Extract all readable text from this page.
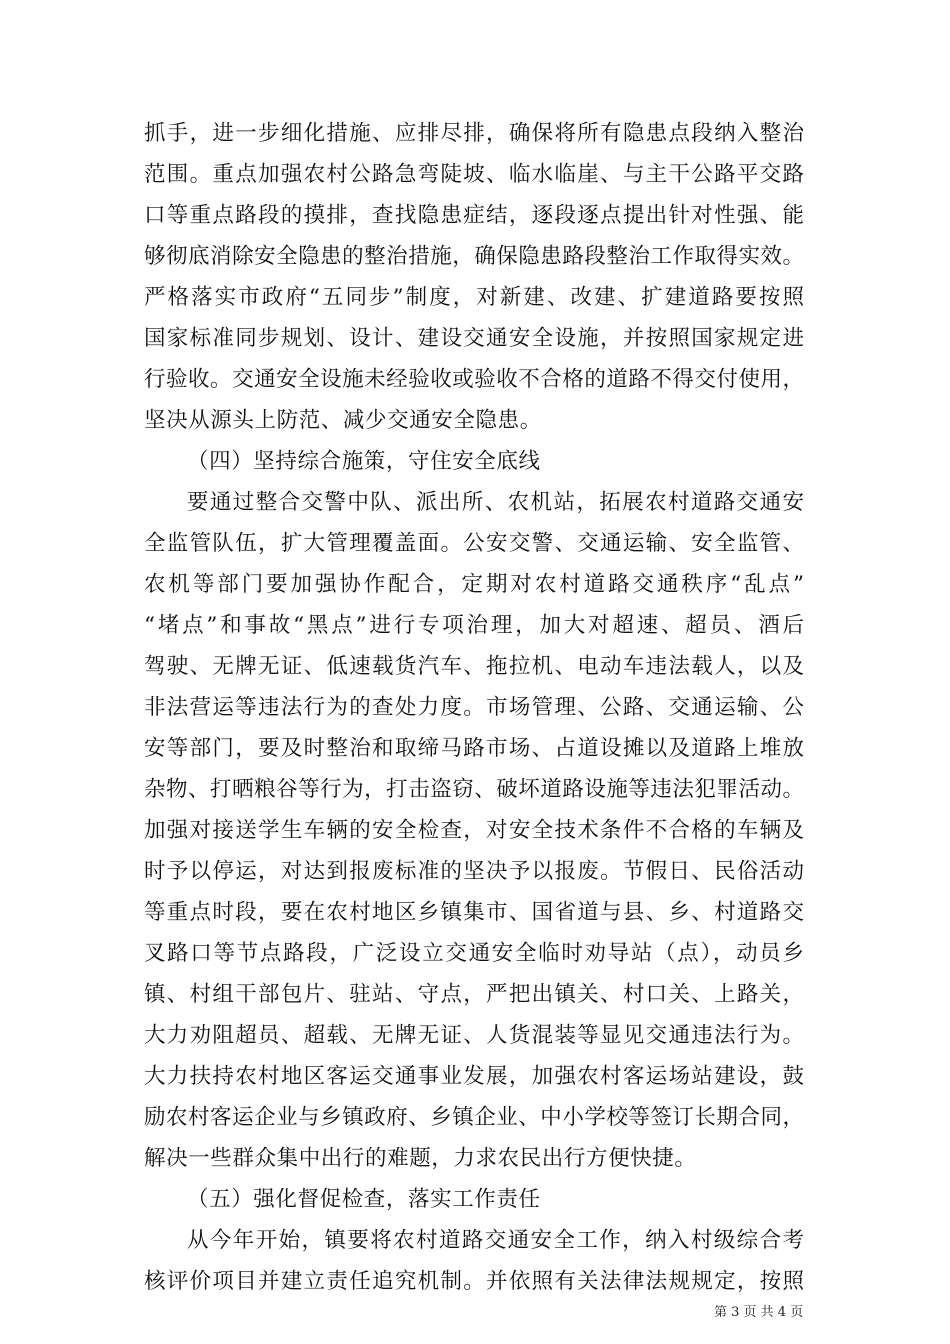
抓手，进一步细化措施、应排尽排，确保将所有隐患点段纳入整治
范围。重点加强农村公路急弯陡坡、临水临崖、与主干公路平交路
口等重点路段的摸排，查找隐患症结，逐段逐点提出针对性强、能
够彻底消除安全隐患的整治措施，确保隐患路段整治工作取得实效。
严格落实市政府“五同步”制度，对新建、改建、扩建道路要按照
国家标准同步规划、设计、建设交通安全设施，并按照国家规定进
行验收。交通安全设施未经验收或验收不合格的道路不得交付使用，
坚决从源头上防范、减少交通安全隐患。
（四）坚持综合施策，守住安全底线
要通过整合交警中队、派出所、农机站，拓展农村道路交通安
全监管队伍，扩大管理覆盖面。公安交警、交通运输、安全监管、
农机等部门要加强协作配合，定期对农村道路交通秩序“乱点”
“堵点”和事故“黑点”进行专项治理，加大对超速、超员、酒后
驾驶、无牌无证、低速载货汽车、拖拉机、电动车违法载人，以及
非法营运等违法行为的查处力度。市场管理、公路、交通运输、公
安等部门，要及时整治和取缔马路市场、占道设摊以及道路上堆放
杂物、打晒粮谷等行为，打击盗窃、破坏道路设施等违法犯罪活动。
加强对接送学生车辆的安全检查，对安全技术条件不合格的车辆及
时予以停运，对达到报废标准的坚决予以报废。节假日、民俗活动
等重点时段，要在农村地区乡镇集市、国省道与县、乡、村道路交
叉路口等节点路段，广泛设立交通安全临时劝导站（点），动员乡
镇、村组干部包片、驻站、守点，严把出镇关、村口关、上路关，
大力劝阻超员、超载、无牌无证、人货混装等显见交通违法行为。
大力扶持农村地区客运交通事业发展，加强农村客运场站建设，鼓
励农村客运企业与乡镇政府、乡镇企业、中小学校等签订长期合同，
解决一些群众集中出行的难题，力求农民出行方便快捷。
（五）强化督促检查，落实工作责任
从今年开始，镇要将农村道路交通安全工作，纳入村级综合考
核评价项目并建立责任追究机制。并依照有关法律法规规定，按照
第 3 页 共 4 页
